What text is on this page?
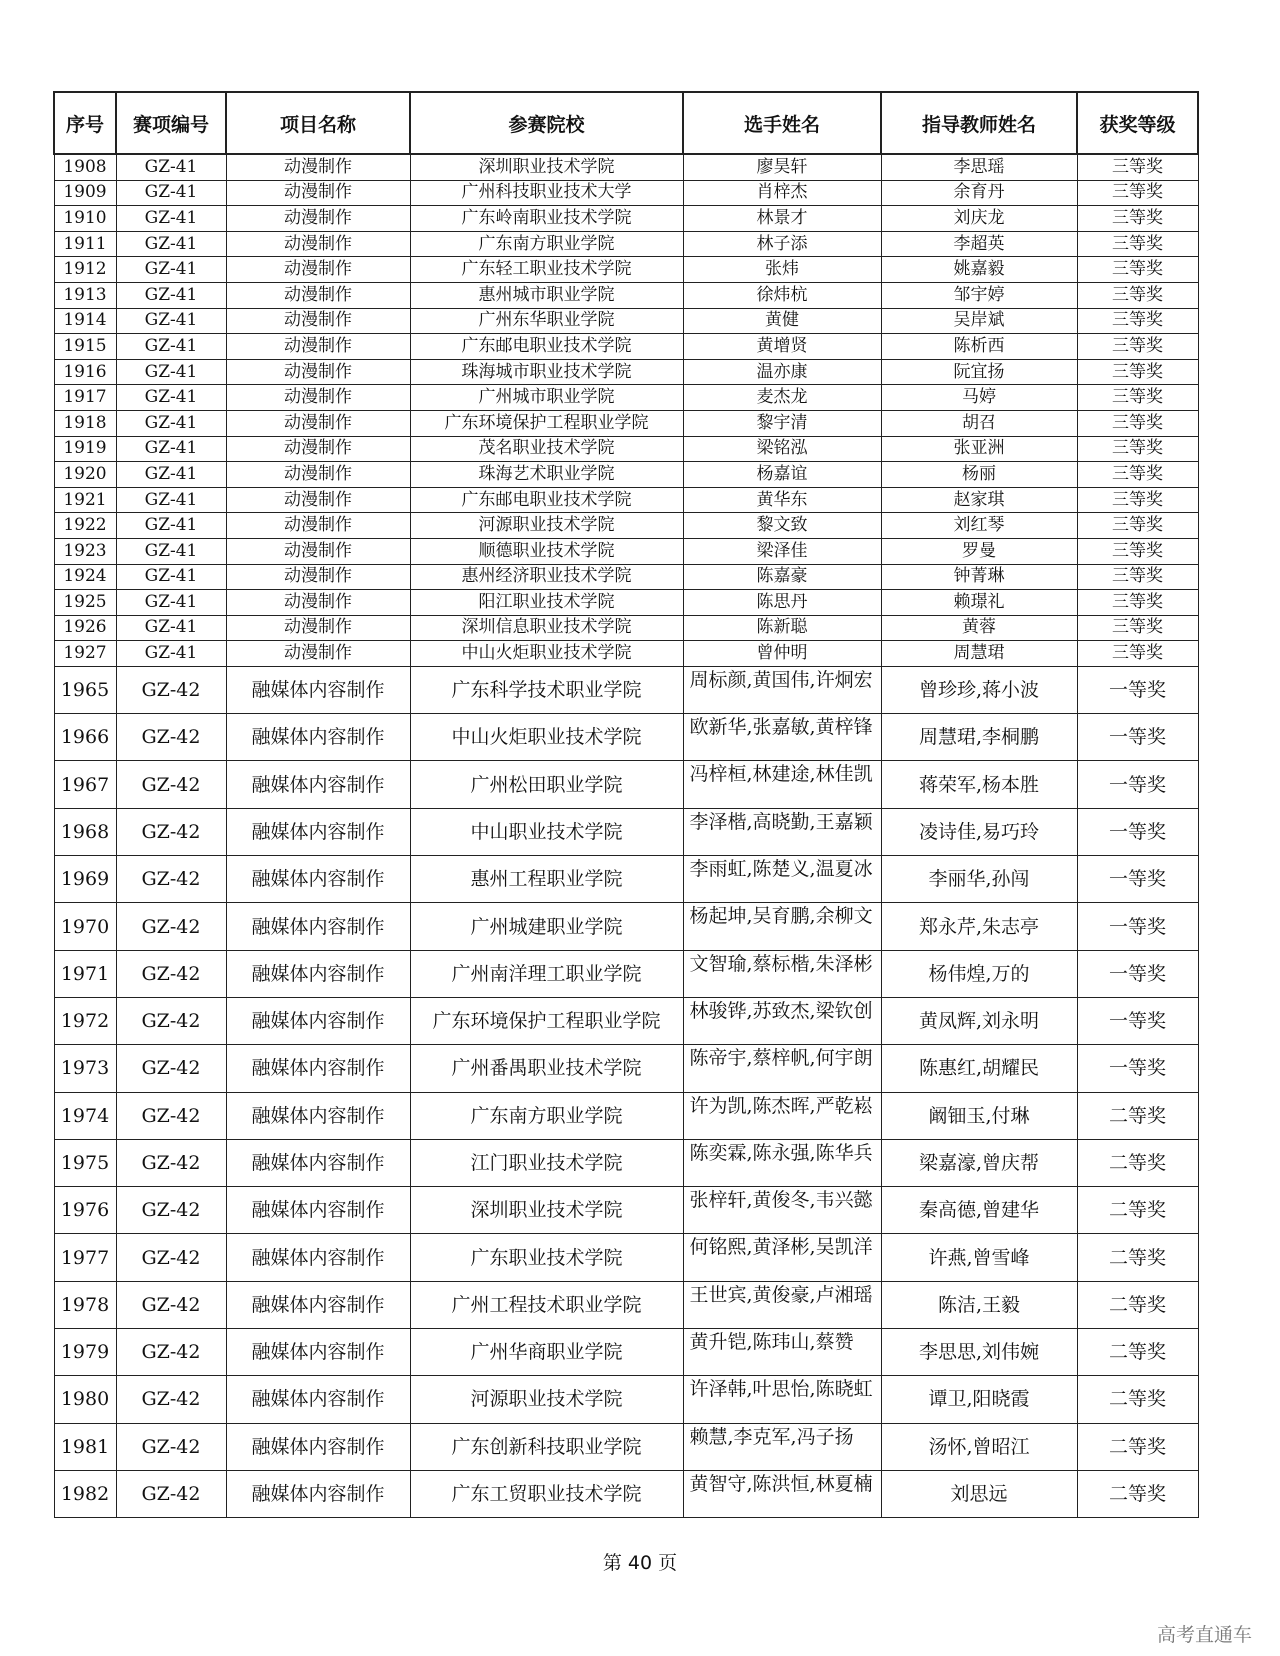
序号	赛项编号	项目名称	参赛院校	选手姓名	指导教师姓名	获奖等级
1908	GZ-41	动漫制作	深圳职业技术学院	廖昊轩	李思瑶	三等奖
1909	GZ-41	动漫制作	广州科技职业技术大学	肖梓杰	余育丹	三等奖
1910	GZ-41	动漫制作	广东岭南职业技术学院	林景才	刘庆龙	三等奖
1911	GZ-41	动漫制作	广东南方职业学院	林子添	李超英	三等奖
1912	GZ-41	动漫制作	广东轻工职业技术学院	张炜	姚嘉毅	三等奖
1913	GZ-41	动漫制作	惠州城市职业学院	徐炜杭	邹宇婷	三等奖
1914	GZ-41	动漫制作	广州东华职业学院	黄健	吴岸斌	三等奖
1915	GZ-41	动漫制作	广东邮电职业技术学院	黄增贤	陈析西	三等奖
1916	GZ-41	动漫制作	珠海城市职业技术学院	温亦康	阮宜扬	三等奖
1917	GZ-41	动漫制作	广州城市职业学院	麦杰龙	马婷	三等奖
1918	GZ-41	动漫制作	广东环境保护工程职业学院	黎宇清	胡召	三等奖
1919	GZ-41	动漫制作	茂名职业技术学院	梁铭泓	张亚洲	三等奖
1920	GZ-41	动漫制作	珠海艺术职业学院	杨嘉谊	杨丽	三等奖
1921	GZ-41	动漫制作	广东邮电职业技术学院	黄华东	赵家琪	三等奖
1922	GZ-41	动漫制作	河源职业技术学院	黎文致	刘红琴	三等奖
1923	GZ-41	动漫制作	顺德职业技术学院	梁泽佳	罗曼	三等奖
1924	GZ-41	动漫制作	惠州经济职业技术学院	陈嘉豪	钟菁琳	三等奖
1925	GZ-41	动漫制作	阳江职业技术学院	陈思丹	赖璟礼	三等奖
1926	GZ-41	动漫制作	深圳信息职业技术学院	陈新聪	黄蓉	三等奖
1927	GZ-41	动漫制作	中山火炬职业技术学院	曾仲明	周慧珺	三等奖
1965	GZ-42	融媒体内容制作	广东科学技术职业学院	周标颜,黄国伟,许炯宏	曾珍珍,蒋小波	一等奖
1966	GZ-42	融媒体内容制作	中山火炬职业技术学院	欧新华,张嘉敏,黄梓锋	周慧珺,李桐鹏	一等奖
1967	GZ-42	融媒体内容制作	广州松田职业学院	冯梓桓,林建途,林佳凯	蒋荣军,杨本胜	一等奖
1968	GZ-42	融媒体内容制作	中山职业技术学院	李泽楷,高晓勤,王嘉颖	凌诗佳,易巧玲	一等奖
1969	GZ-42	融媒体内容制作	惠州工程职业学院	李雨虹,陈楚义,温夏冰	李丽华,孙闯	一等奖
1970	GZ-42	融媒体内容制作	广州城建职业学院	杨起坤,吴育鹏,余柳文	郑永芹,朱志亭	一等奖
1971	GZ-42	融媒体内容制作	广州南洋理工职业学院	文智瑜,蔡标楷,朱泽彬	杨伟煌,万的	一等奖
1972	GZ-42	融媒体内容制作	广东环境保护工程职业学院	林骏铧,苏致杰,梁钦创	黄凤辉,刘永明	一等奖
1973	GZ-42	融媒体内容制作	广州番禺职业技术学院	陈帝宇,蔡梓帆,何宇朗	陈惠红,胡耀民	一等奖
1974	GZ-42	融媒体内容制作	广东南方职业学院	许为凯,陈杰晖,严乾崧	阚钿玉,付琳	二等奖
1975	GZ-42	融媒体内容制作	江门职业技术学院	陈奕霖,陈永强,陈华兵	梁嘉濠,曾庆帮	二等奖
1976	GZ-42	融媒体内容制作	深圳职业技术学院	张梓轩,黄俊冬,韦兴懿	秦高德,曾建华	二等奖
1977	GZ-42	融媒体内容制作	广东职业技术学院	何铭熙,黄泽彬,吴凯洋	许燕,曾雪峰	二等奖
1978	GZ-42	融媒体内容制作	广州工程技术职业学院	王世宾,黄俊豪,卢湘瑶	陈洁,王毅	二等奖
1979	GZ-42	融媒体内容制作	广州华商职业学院	黄升铠,陈玮山,蔡赞	李思思,刘伟婉	二等奖
1980	GZ-42	融媒体内容制作	河源职业技术学院	许泽韩,叶思怡,陈晓虹	谭卫,阳晓霞	二等奖
1981	GZ-42	融媒体内容制作	广东创新科技职业学院	赖慧,李克军,冯子扬	汤怀,曾昭江	二等奖
1982	GZ-42	融媒体内容制作	广东工贸职业技术学院	黄智守,陈洪恒,林夏楠	刘思远	二等奖
第 40 页
高考直通车
